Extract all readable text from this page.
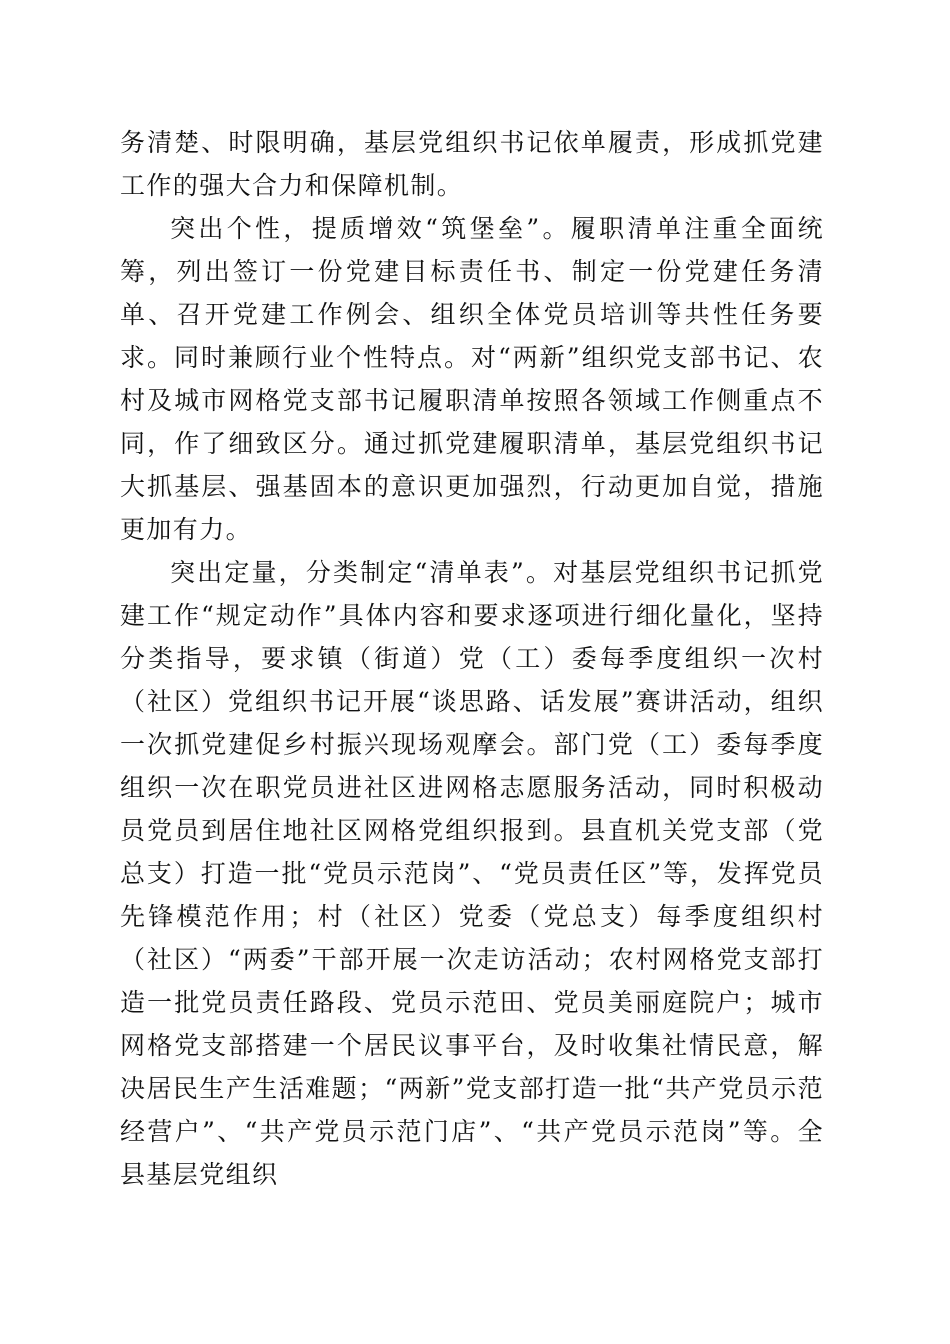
务清楚、时限明确，基层党组织书记依单履责，形成抓党建工作的强大合力和保障机制。

突出个性，提质增效“筑堡垒”。履职清单注重全面统筹，列出签订一份党建目标责任书、制定一份党建任务清单、召开党建工作例会、组织全体党员培训等共性任务要求。同时兼顾行业个性特点。对“两新”组织党支部书记、农村及城市网格党支部书记履职清单按照各领域工作侧重点不同，作了细致区分。通过抓党建履职清单，基层党组织书记大抓基层、强基固本的意识更加强烈，行动更加自觉，措施更加有力。

突出定量，分类制定“清单表”。对基层党组织书记抓党建工作“规定动作”具体内容和要求逐项进行细化量化，坚持分类指导，要求镇（街道）党（工）委每季度组织一次村（社区）党组织书记开展“谈思路、话发展”赛讲活动，组织一次抓党建促乡村振兴现场观摩会。部门党（工）委每季度组织一次在职党员进社区进网格志愿服务活动，同时积极动员党员到居住地社区网格党组织报到。县直机关党支部（党总支）打造一批“党员示范岗”、“党员责任区”等，发挥党员先锋模范作用；村（社区）党委（党总支）每季度组织村（社区）“两委”干部开展一次走访活动；农村网格党支部打造一批党员责任路段、党员示范田、党员美丽庭院户；城市网格党支部搭建一个居民议事平台，及时收集社情民意，解决居民生产生活难题；“两新”党支部打造一批“共产党员示范经营户”、“共产党员示范门店”、“共产党员示范岗”等。全县基层党组织
